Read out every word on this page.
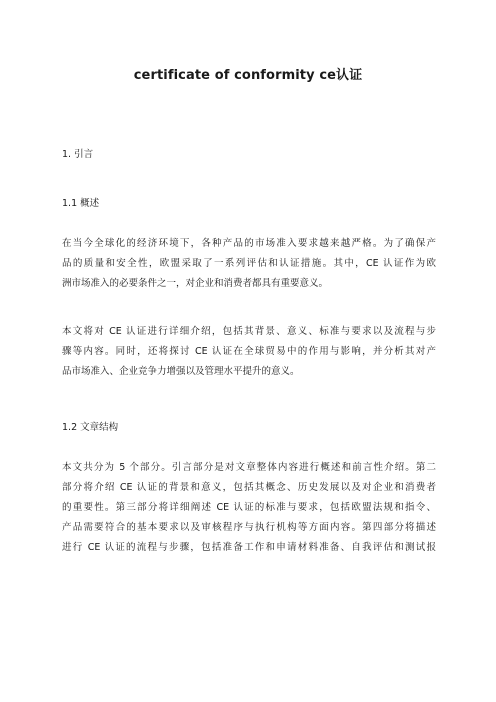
certificate of conformity ce认证
1. 引言
1.1 概述
在当今全球化的经济环境下，各种产品的市场准入要求越来越严格。为了确保产
品的质量和安全性，欧盟采取了一系列评估和认证措施。其中，CE 认证作为欧
洲市场准入的必要条件之一，对企业和消费者都具有重要意义。
本文将对 CE 认证进行详细介绍，包括其背景、意义、标准与要求以及流程与步
骤等内容。同时，还将探讨 CE 认证在全球贸易中的作用与影响，并分析其对产
品市场准入、企业竞争力增强以及管理水平提升的意义。
1.2 文章结构
本文共分为 5 个部分。引言部分是对文章整体内容进行概述和前言性介绍。第二
部分将介绍 CE 认证的背景和意义，包括其概念、历史发展以及对企业和消费者
的重要性。第三部分将详细阐述 CE 认证的标准与要求，包括欧盟法规和指令、
产品需要符合的基本要求以及审核程序与执行机构等方面内容。第四部分将描述
进行 CE 认证的流程与步骤，包括准备工作和申请材料准备、自我评估和测试报
